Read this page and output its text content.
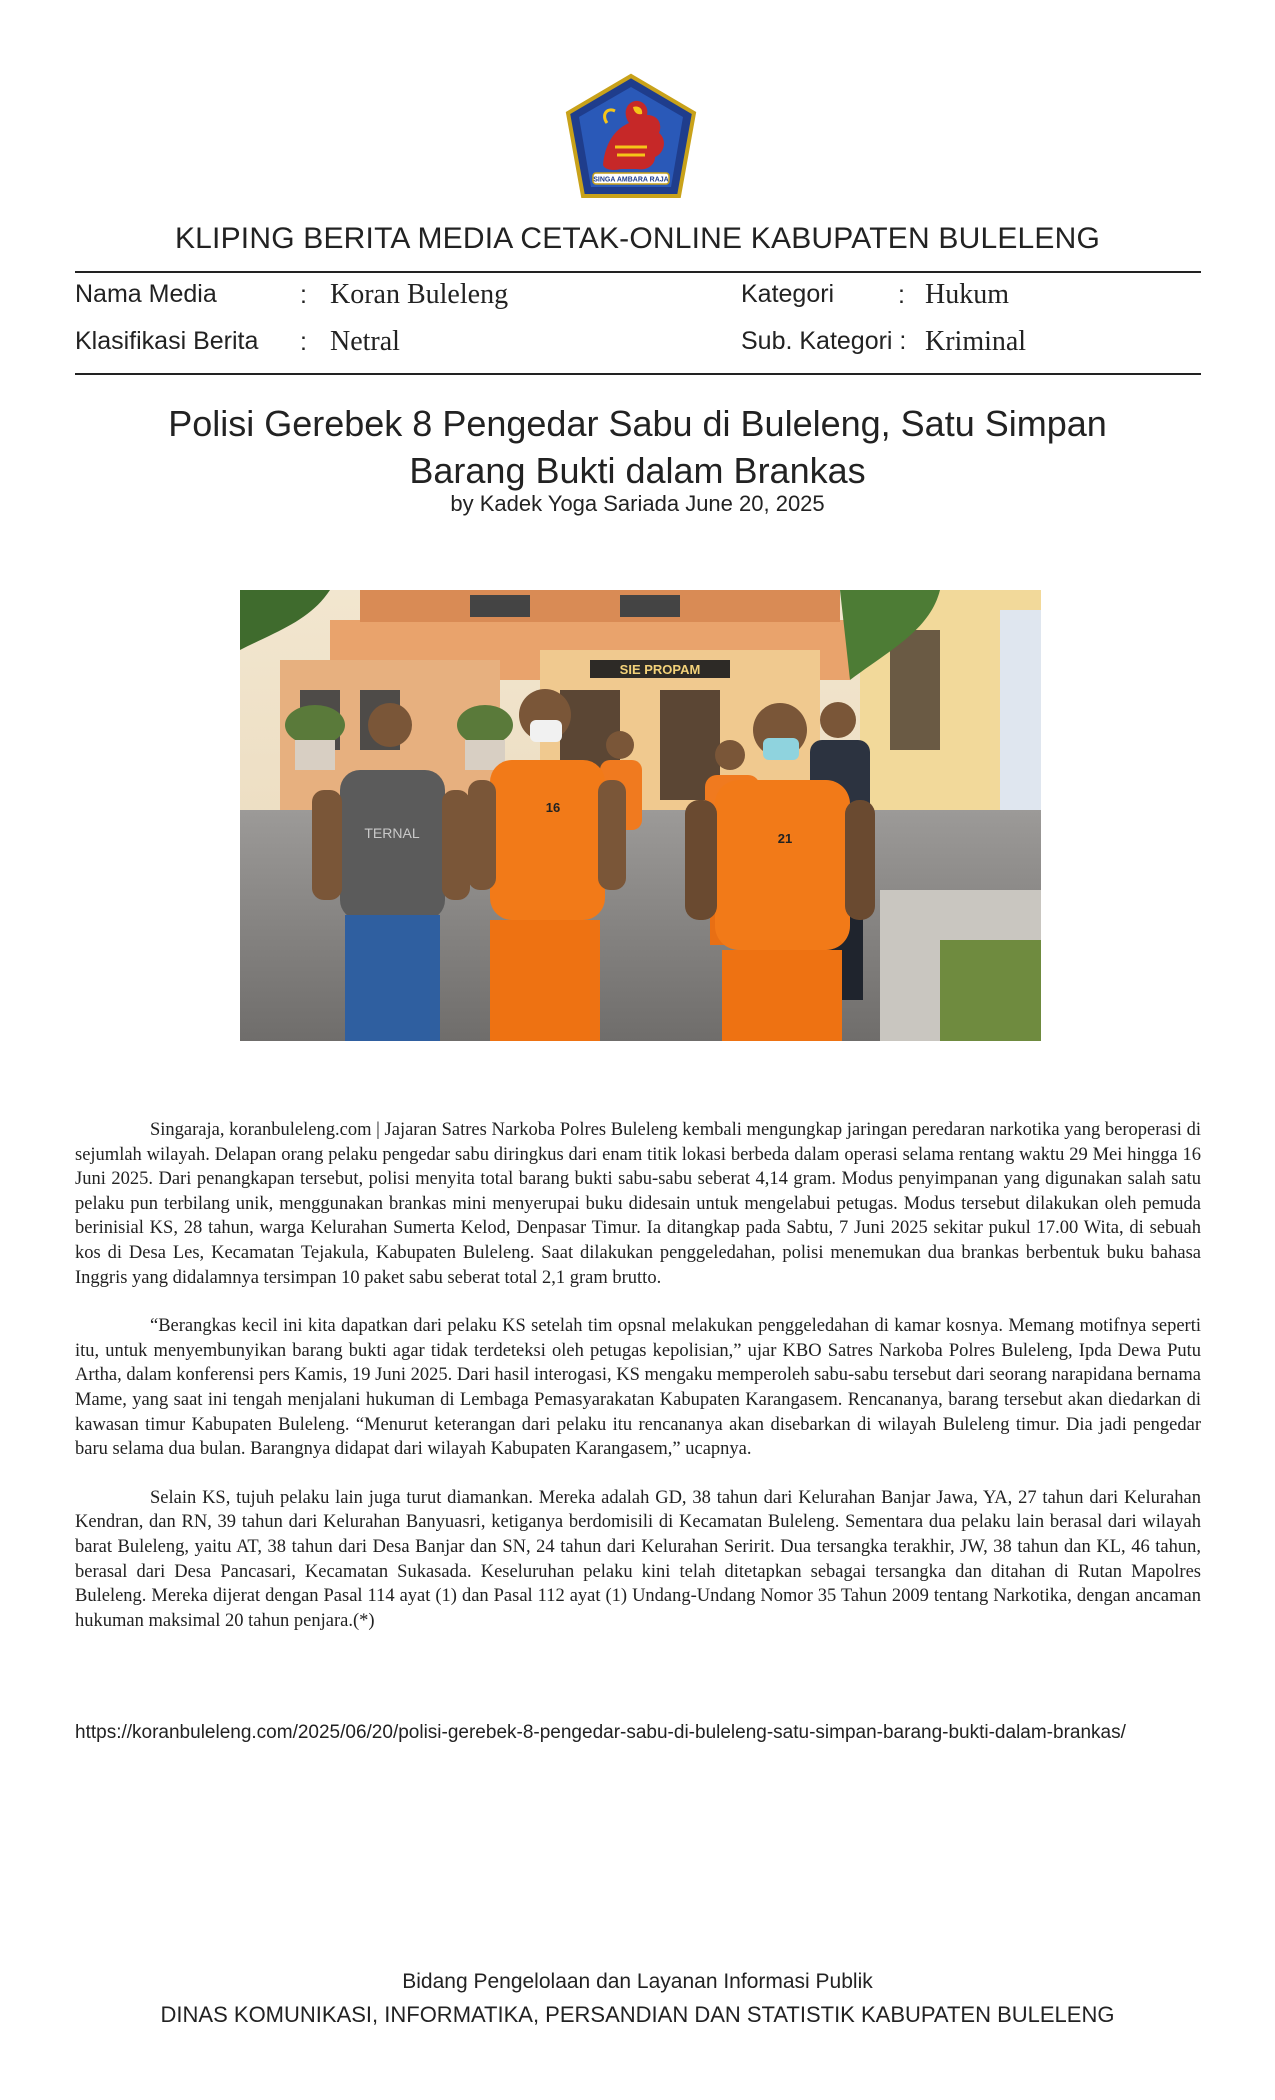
SINGA AMBARA RAJA
KLIPING BERITA MEDIA CETAK-ONLINE KABUPATEN BULELENG
Nama Media	: Koran Buleleng	Kategori	: Hukum
Klasifikasi Berita : Netral	Sub. Kategori : Kriminal
Polisi Gerebek 8 Pengedar Sabu di Buleleng, Satu Simpan
Barang Bukti dalam Brankas
by Kadek Yoga Sariada June 20, 2025
SIE PROPAM
TERNAL
16
21

Singaraja, koranbuleleng.com | Jajaran Satres Narkoba Polres Buleleng kembali mengungkap jaringan peredaran narkotika yang beroperasi di sejumlah wilayah. Delapan orang pelaku pengedar sabu diringkus dari enam titik lokasi berbeda dalam operasi selama rentang waktu 29 Mei hingga 16 Juni 2025. Dari penangkapan tersebut, polisi menyita total barang bukti sabu-sabu seberat 4,14 gram. Modus penyimpanan yang digunakan salah satu pelaku pun terbilang unik, menggunakan brankas mini menyerupai buku didesain untuk mengelabui petugas. Modus tersebut dilakukan oleh pemuda berinisial KS, 28 tahun, warga Kelurahan Sumerta Kelod, Denpasar Timur. Ia ditangkap pada Sabtu, 7 Juni 2025 sekitar pukul 17.00 Wita, di sebuah kos di Desa Les, Kecamatan Tejakula, Kabupaten Buleleng. Saat dilakukan penggeledahan, polisi menemukan dua brankas berbentuk buku bahasa Inggris yang didalamnya tersimpan 10 paket sabu seberat total 2,1 gram brutto.

“Berangkas kecil ini kita dapatkan dari pelaku KS setelah tim opsnal melakukan penggeledahan di kamar kosnya. Memang motifnya seperti itu, untuk menyembunyikan barang bukti agar tidak terdeteksi oleh petugas kepolisian,” ujar KBO Satres Narkoba Polres Buleleng, Ipda Dewa Putu Artha, dalam konferensi pers Kamis, 19 Juni 2025. Dari hasil interogasi, KS mengaku memperoleh sabu-sabu tersebut dari seorang narapidana bernama Mame, yang saat ini tengah menjalani hukuman di Lembaga Pemasyarakatan Kabupaten Karangasem. Rencananya, barang tersebut akan diedarkan di kawasan timur Kabupaten Buleleng. “Menurut keterangan dari pelaku itu rencananya akan disebarkan di wilayah Buleleng timur. Dia jadi pengedar baru selama dua bulan. Barangnya didapat dari wilayah Kabupaten Karangasem,” ucapnya.

Selain KS, tujuh pelaku lain juga turut diamankan. Mereka adalah GD, 38 tahun dari Kelurahan Banjar Jawa, YA, 27 tahun dari Kelurahan Kendran, dan RN, 39 tahun dari Kelurahan Banyuasri, ketiganya berdomisili di Kecamatan Buleleng. Sementara dua pelaku lain berasal dari wilayah barat Buleleng, yaitu AT, 38 tahun dari Desa Banjar dan SN, 24 tahun dari Kelurahan Seririt. Dua tersangka terakhir, JW, 38 tahun dan KL, 46 tahun, berasal dari Desa Pancasari, Kecamatan Sukasada. Keseluruhan pelaku kini telah ditetapkan sebagai tersangka dan ditahan di Rutan Mapolres Buleleng. Mereka dijerat dengan Pasal 114 ayat (1) dan Pasal 112 ayat (1) Undang-Undang Nomor 35 Tahun 2009 tentang Narkotika, dengan ancaman hukuman maksimal 20 tahun penjara.(*)

https://koranbuleleng.com/2025/06/20/polisi-gerebek-8-pengedar-sabu-di-buleleng-satu-simpan-barang-bukti-dalam-brankas/
Bidang Pengelolaan dan Layanan Informasi Publik
DINAS KOMUNIKASI, INFORMATIKA, PERSANDIAN DAN STATISTIK KABUPATEN BULELENG
